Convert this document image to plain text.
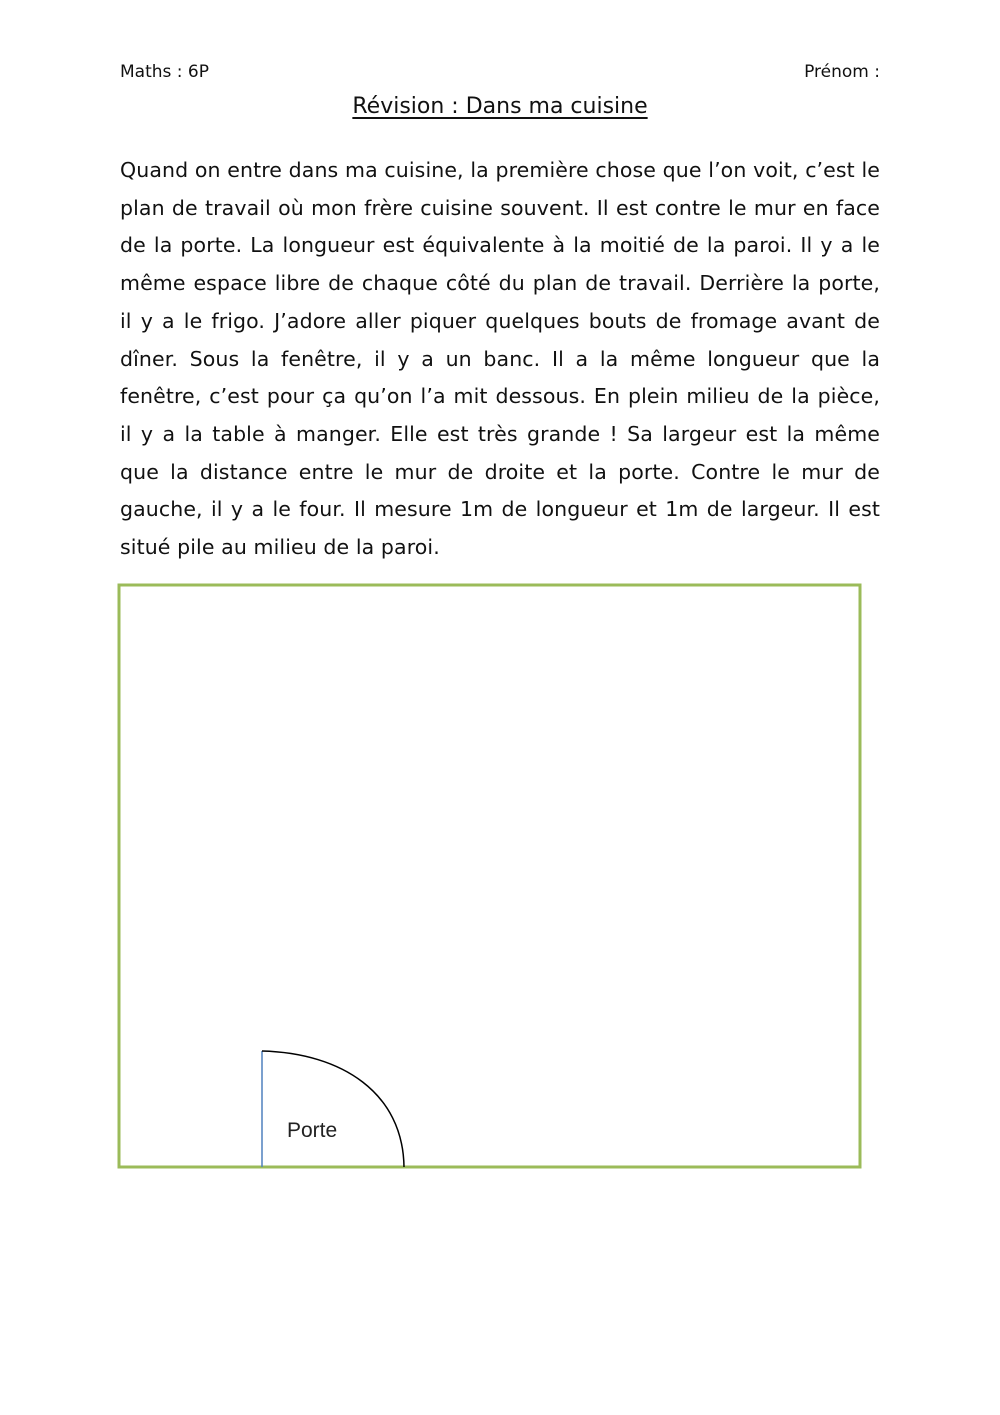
Maths : 6P	Prénom :
Révision : Dans ma cuisine

Quand on entre dans ma cuisine, la première chose que l’on voit, c’est le plan de travail où mon frère cuisine souvent. Il est contre le mur en face de la porte. La longueur est équivalente à la moitié de la paroi. Il y a le même espace libre de chaque côté du plan de travail. Derrière la porte, il y a le frigo. J’adore aller piquer quelques bouts de fromage avant de dîner. Sous la fenêtre, il y a un banc. Il a la même longueur que la fenêtre, c’est pour ça qu’on l’a mit dessous. En plein milieu de la pièce, il y a la table à manger. Elle est très grande ! Sa largeur est la même que la distance entre le mur de droite et la porte. Contre le mur de gauche, il y a le four. Il mesure 1m de longueur et 1m de largeur. Il est situé pile au milieu de la paroi.

Porte
